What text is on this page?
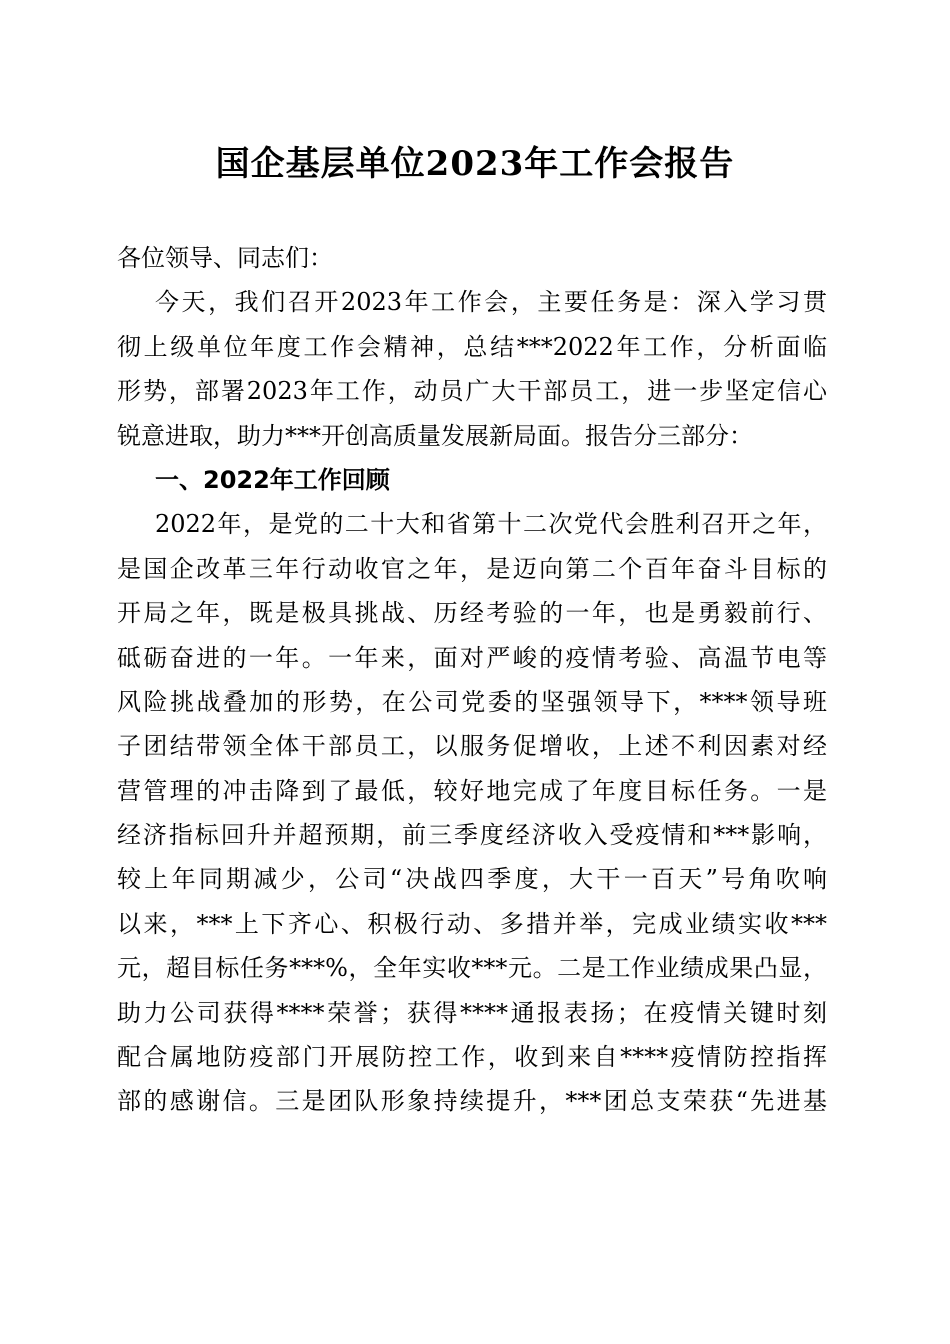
国企基层单位2023年工作会报告
各位领导、同志们：
今天，我们召开2023年工作会，主要任务是：深入学习贯
彻上级单位年度工作会精神，总结***2022年工作，分析面临
形势，部署2023年工作，动员广大干部员工，进一步坚定信心
锐意进取，助力***开创高质量发展新局面。报告分三部分：
一、2022年工作回顾
2022年，是党的二十大和省第十二次党代会胜利召开之年，
是国企改革三年行动收官之年，是迈向第二个百年奋斗目标的
开局之年，既是极具挑战、历经考验的一年，也是勇毅前行、
砥砺奋进的一年。一年来，面对严峻的疫情考验、高温节电等
风险挑战叠加的形势，在公司党委的坚强领导下，****领导班
子团结带领全体干部员工，以服务促增收，上述不利因素对经
营管理的冲击降到了最低，较好地完成了年度目标任务。一是
经济指标回升并超预期，前三季度经济收入受疫情和***影响，
较上年同期减少，公司“决战四季度，大干一百天”号角吹响
以来，***上下齐心、积极行动、多措并举，完成业绩实收***
元，超目标任务***%，全年实收***元。二是工作业绩成果凸显，
助力公司获得****荣誉；获得****通报表扬；在疫情关键时刻
配合属地防疫部门开展防控工作，收到来自****疫情防控指挥
部的感谢信。三是团队形象持续提升，***团总支荣获“先进基
